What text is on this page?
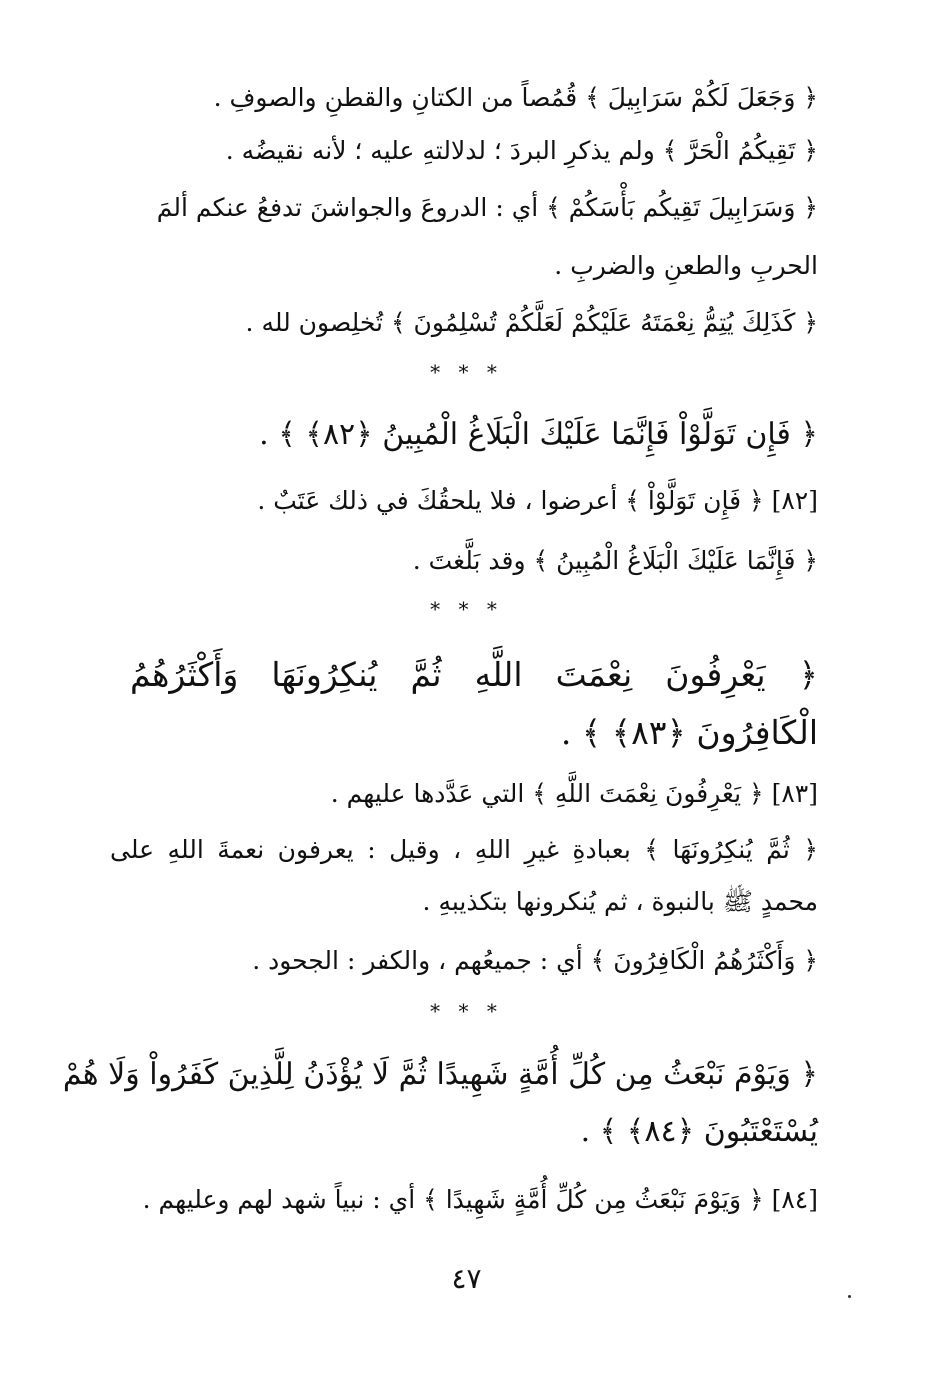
﴿ وَجَعَلَ لَكُمْ سَرَابِيلَ ﴾ قُمُصاً من الكتانِ والقطنِ والصوفِ .
﴿ تَقِيكُمُ الْحَرَّ ﴾ ولم يذكرِ البردَ ؛ لدلالتهِ عليه ؛ لأنه نقيضُه .
﴿ وَسَرَابِيلَ تَقِيكُم بَأْسَكُمْ ﴾ أي : الدروعَ والجواشنَ تدفعُ عنكم ألمَ
الحربِ والطعنِ والضربِ .
﴿ كَذَلِكَ يُتِمُّ نِعْمَتَهُ عَلَيْكُمْ لَعَلَّكُمْ تُسْلِمُونَ ﴾ تُخلِصون لله .
* * *
﴿ فَإِن تَوَلَّوْاْ فَإِنَّمَا عَلَيْكَ الْبَلَاغُ الْمُبِينُ ﴿٨٢﴾ ﴾ .
[٨٢] ﴿ فَإِن تَوَلَّوْاْ ﴾ أعرضوا ، فلا يلحقُكَ في ذلك عَتَبٌ .
﴿ فَإِنَّمَا عَلَيْكَ الْبَلَاغُ الْمُبِينُ ﴾ وقد بَلَّغتَ .
* * *
﴿ يَعْرِفُونَ نِعْمَتَ اللَّهِ ثُمَّ يُنكِرُونَهَا وَأَكْثَرُهُمُ
الْكَافِرُونَ ﴿٨٣﴾ ﴾ .
[٨٣] ﴿ يَعْرِفُونَ نِعْمَتَ اللَّهِ ﴾ التي عَدَّدها عليهم .
﴿ ثُمَّ يُنكِرُونَهَا ﴾ بعبادةِ غيرِ اللهِ ، وقيل : يعرفون نعمةَ اللهِ على
محمدٍ ﷺ بالنبوة ، ثم يُنكرونها بتكذيبهِ .
﴿ وَأَكْثَرُهُمُ الْكَافِرُونَ ﴾ أي : جميعُهم ، والكفر : الجحود .
* * *
﴿ وَيَوْمَ نَبْعَثُ مِن كُلِّ أُمَّةٍ شَهِيدًا ثُمَّ لَا يُؤْذَنُ لِلَّذِينَ كَفَرُواْ وَلَا هُمْ
يُسْتَعْتَبُونَ ﴿٨٤﴾ ﴾ .
[٨٤] ﴿ وَيَوْمَ نَبْعَثُ مِن كُلِّ أُمَّةٍ شَهِيدًا ﴾ أي : نبياً شهد لهم وعليهم .
٤٧
